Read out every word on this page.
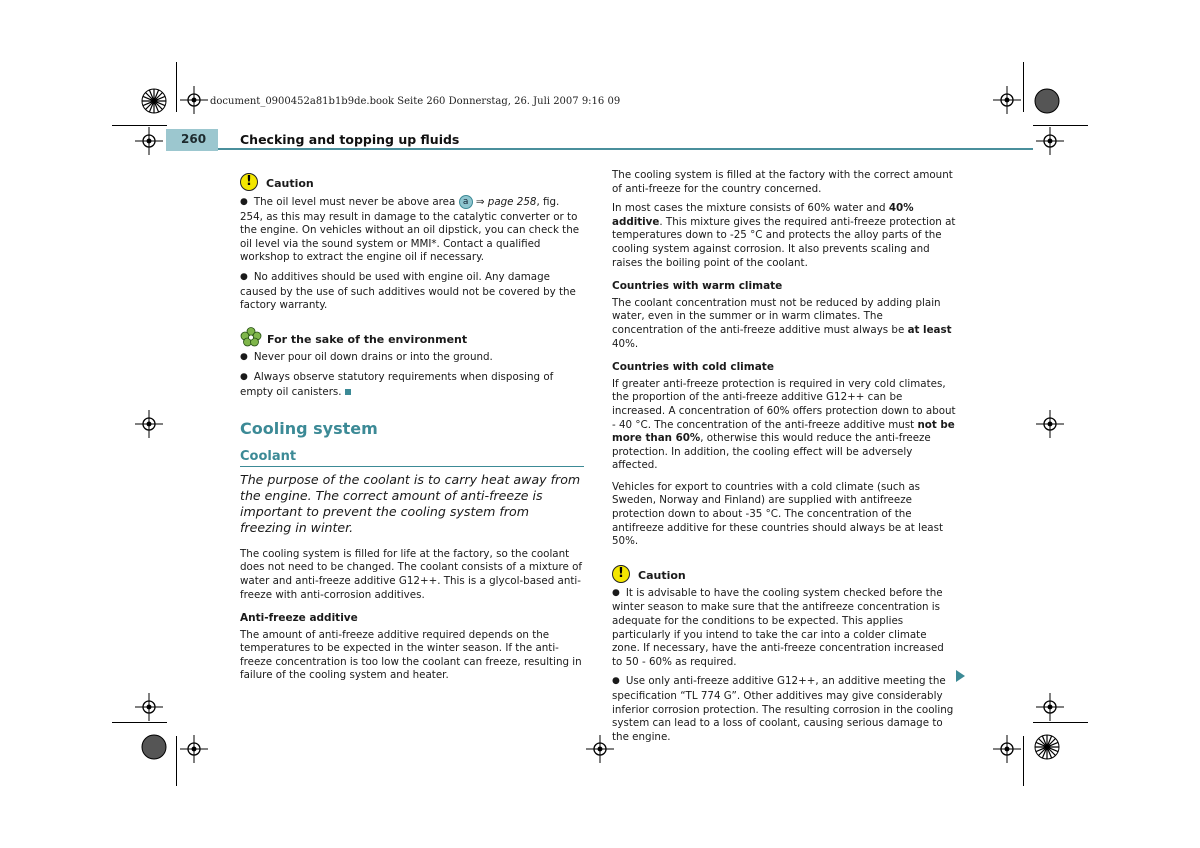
document_0900452a81b1b9de.book Seite 260 Donnerstag, 26. Juli 2007 9:16 09
260	Checking and topping up fluids
!	Caution

● The oil level must never be above area a ⇒ page 258, fig. 254, as this may result in damage to the catalytic converter or to the engine. On vehicles without an oil dipstick, you can check the oil level via the sound system or MMI*. Contact a qualified workshop to extract the engine oil if necessary.

● No additives should be used with engine oil. Any damage caused by the use of such additives would not be covered by the factory warranty.

For the sake of the environment

● Never pour oil down drains or into the ground.

● Always observe statutory requirements when disposing of empty oil canisters.

Cooling system
Coolant

The purpose of the coolant is to carry heat away from the engine. The correct amount of anti-freeze is important to prevent the cooling system from freezing in winter.

The cooling system is filled for life at the factory, so the coolant does not need to be changed. The coolant consists of a mixture of water and anti-freeze additive G12++. This is a glycol-based anti-freeze with anti-corrosion additives.

Anti-freeze additive

The amount of anti-freeze additive required depends on the temperatures to be expected in the winter season. If the anti-freeze concentration is too low the coolant can freeze, resulting in failure of the cooling system and heater.

The cooling system is filled at the factory with the correct amount of anti-freeze for the country concerned.

In most cases the mixture consists of 60% water and 40% additive. This mixture gives the required anti-freeze protection at temperatures down to -25 °C and protects the alloy parts of the cooling system against corrosion. It also prevents scaling and raises the boiling point of the coolant.

Countries with warm climate

The coolant concentration must not be reduced by adding plain water, even in the summer or in warm climates. The concentration of the anti-freeze additive must always be at least 40%.

Countries with cold climate

If greater anti-freeze protection is required in very cold climates, the proportion of the anti-freeze additive G12++ can be increased. A concentration of 60% offers protection down to about - 40 °C. The concentration of the anti-freeze additive must not be more than 60%, otherwise this would reduce the anti-freeze protection. In addition, the cooling effect will be adversely affected.

Vehicles for export to countries with a cold climate (such as Sweden, Norway and Finland) are supplied with antifreeze protection down to about -35 °C. The concentration of the antifreeze additive for these countries should always be at least 50%.

!	Caution

● It is advisable to have the cooling system checked before the winter season to make sure that the antifreeze concentration is adequate for the conditions to be expected. This applies particularly if you intend to take the car into a colder climate zone. If necessary, have the anti-freeze concentration increased to 50 - 60% as required.

● Use only anti-freeze additive G12++, an additive meeting the specification “TL 774 G”. Other additives may give considerably inferior corrosion protection. The resulting corrosion in the cooling system can lead to a loss of coolant, causing serious damage to the engine.
